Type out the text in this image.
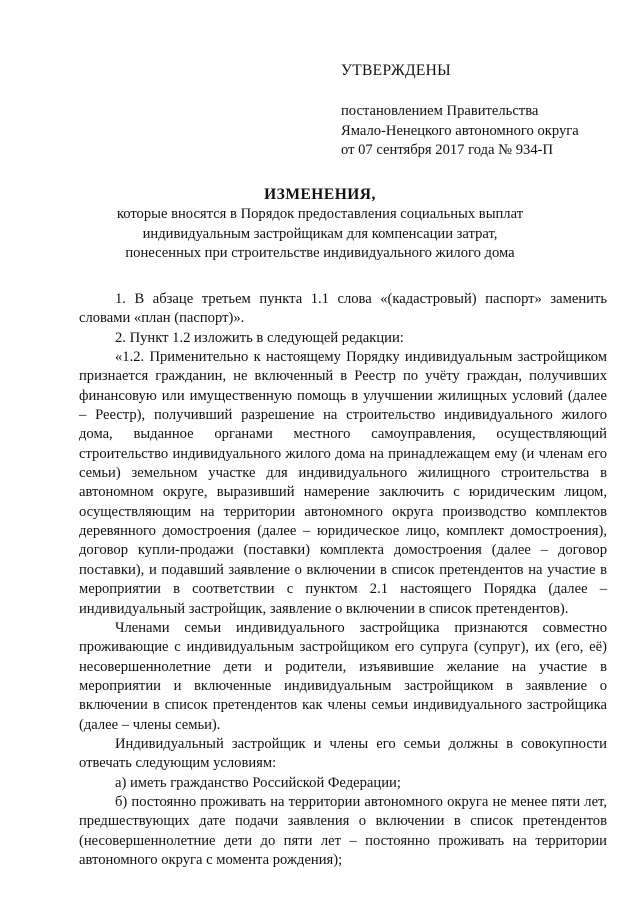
УТВЕРЖДЕНЫ
постановлением Правительства
Ямало-Ненецкого автономного округа
от 07 сентября 2017 года № 934-П
ИЗМЕНЕНИЯ,
которые вносятся в Порядок предоставления социальных выплат
индивидуальным застройщикам для компенсации затрат,
понесенных при строительстве индивидуального жилого дома

1. В абзаце третьем пункта 1.1 слова «(кадастровый) паспорт» заменить словами «план (паспорт)».

2. Пункт 1.2 изложить в следующей редакции:

«1.2. Применительно к настоящему Порядку индивидуальным застройщиком признается гражданин, не включенный в Реестр по учёту граждан, получивших финансовую или имущественную помощь в улучшении жилищных условий (далее – Реестр), получивший разрешение на строительство индивидуального жилого дома, выданное органами местного самоуправления, осуществляющий строительство индивидуального жилого дома на принадлежащем ему (и членам его семьи) земельном участке для индивидуального жилищного строительства в автономном округе, выразивший намерение заключить с юридическим лицом, осуществляющим на территории автономного округа производство комплектов деревянного домостроения (далее – юридическое лицо, комплект домостроения), договор купли-продажи (поставки) комплекта домостроения (далее – договор поставки), и подавший заявление о включении в список претендентов на участие в мероприятии в соответствии с пунктом 2.1 настоящего Порядка (далее – индивидуальный застройщик, заявление о включении в список претендентов).

Членами семьи индивидуального застройщика признаются совместно проживающие с индивидуальным застройщиком его супруга (супруг), их (его, её) несовершеннолетние дети и родители, изъявившие желание на участие в мероприятии и включенные индивидуальным застройщиком в заявление о включении в список претендентов как члены семьи индивидуального застройщика (далее – члены семьи).

Индивидуальный застройщик и члены его семьи должны в совокупности отвечать следующим условиям:

а) иметь гражданство Российской Федерации;

б) постоянно проживать на территории автономного округа не менее пяти лет, предшествующих дате подачи заявления о включении в список претендентов (несовершеннолетние дети до пяти лет – постоянно проживать на территории автономного округа с момента рождения);
